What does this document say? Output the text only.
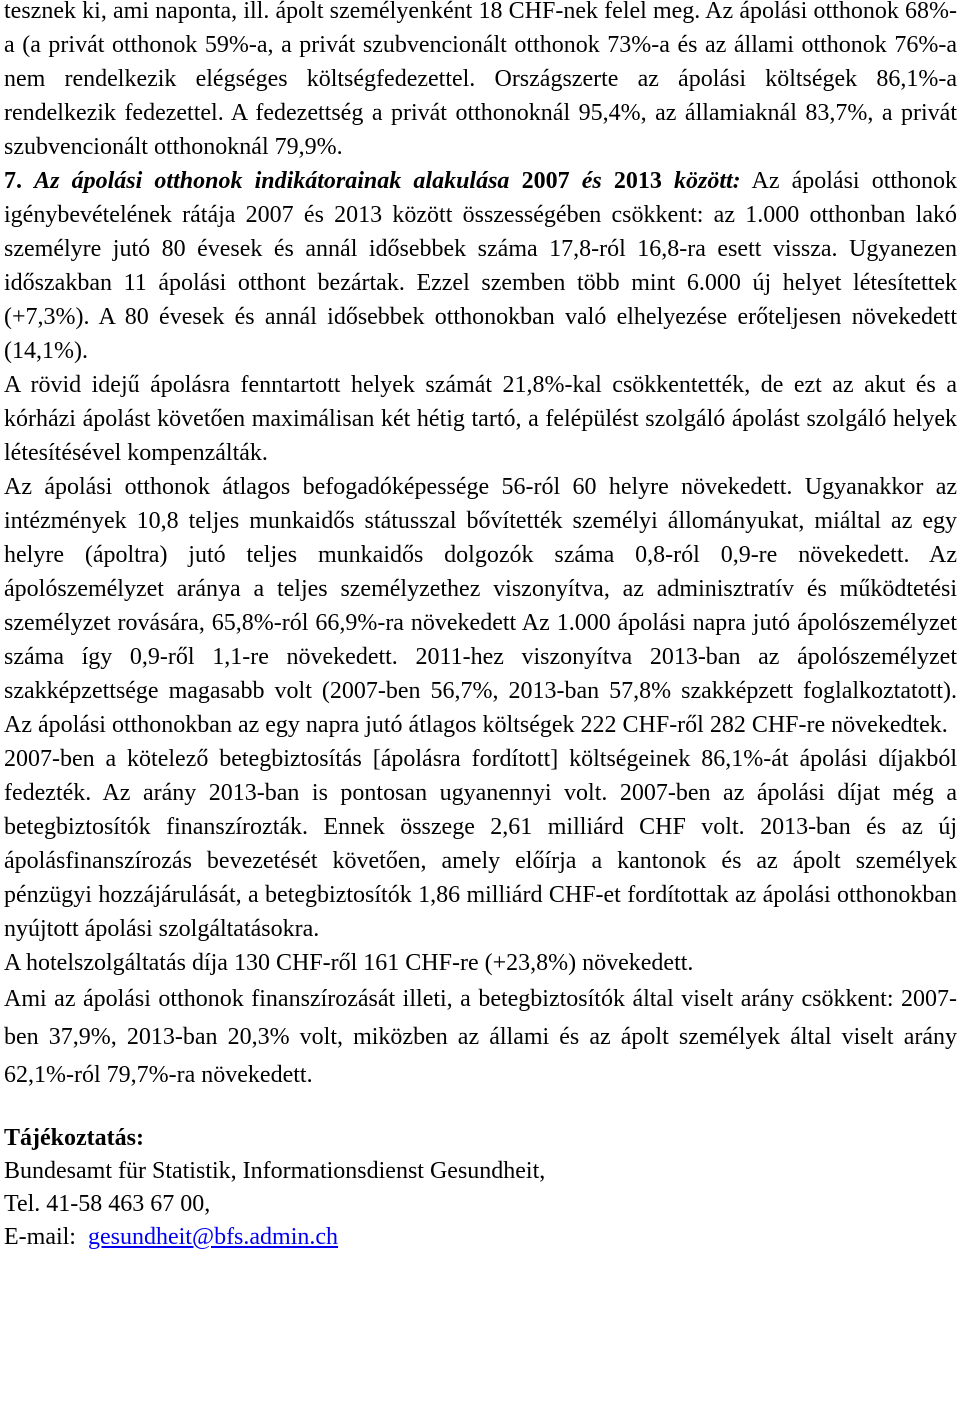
tesznek ki, ami naponta, ill. ápolt személyenként 18 CHF-nek felel meg. Az ápolási otthonok 68%-a (a privát otthonok 59%-a, a privát szubvencionált otthonok 73%-a és az állami otthonok 76%-a nem rendelkezik elégséges költségfedezettel. Országszerte az ápolási költségek 86,1%-a rendelkezik fedezettel. A fedezettség a privát otthonoknál 95,4%, az államiaknál 83,7%, a privát szubvencionált otthonoknál 79,9%.

7. Az ápolási otthonok indikátorainak alakulása 2007 és 2013 között: Az ápolási otthonok igénybevételének rátája 2007 és 2013 között összességében csökkent: az 1.000 otthonban lakó személyre jutó 80 évesek és annál idősebbek száma 17,8-ról 16,8-ra esett vissza. Ugyanezen időszakban 11 ápolási otthont bezártak. Ezzel szemben több mint 6.000 új helyet létesítettek (+7,3%). A 80 évesek és annál idősebbek otthonokban való elhelyezése erőteljesen növekedett (14,1%).

A rövid idejű ápolásra fenntartott helyek számát 21,8%-kal csökkentették, de ezt az akut és a kórházi ápolást követően maximálisan két hétig tartó, a felépülést szolgáló ápolást szolgáló helyek létesítésével kompenzálták.

Az ápolási otthonok átlagos befogadóképessége 56-ról 60 helyre növekedett. Ugyanakkor az intézmények 10,8 teljes munkaidős státusszal bővítették személyi állományukat, miáltal az egy helyre (ápoltra) jutó teljes munkaidős dolgozók száma 0,8-ról 0,9-re növekedett. Az ápolószemélyzet aránya a teljes személyzethez viszonyítva, az adminisztratív és működtetési személyzet rovására, 65,8%-ról 66,9%-ra növekedett Az 1.000 ápolási napra jutó ápolószemélyzet száma így 0,9-ről 1,1-re növekedett. 2011-hez viszonyítva 2013-ban az ápolószemélyzet szakképzettsége magasabb volt (2007-ben 56,7%, 2013-ban 57,8% szakképzett foglalkoztatott). Az ápolási otthonokban az egy napra jutó átlagos költségek 222 CHF-ről 282 CHF-re növekedtek.

2007-ben a kötelező betegbiztosítás [ápolásra fordított] költségeinek 86,1%-át ápolási díjakból fedezték. Az arány 2013-ban is pontosan ugyanennyi volt. 2007-ben az ápolási díjat még a betegbiztosítók finanszírozták. Ennek összege 2,61 milliárd CHF volt. 2013-ban és az új ápolásfinanszírozás bevezetését követően, amely előírja a kantonok és az ápolt személyek pénzügyi hozzájárulását, a betegbiztosítók 1,86 milliárd CHF-et fordítottak az ápolási otthonokban nyújtott ápolási szolgáltatásokra.

A hotelszolgáltatás díja 130 CHF-ről 161 CHF-re (+23,8%) növekedett.

Ami az ápolási otthonok finanszírozását illeti, a betegbiztosítók által viselt arány csökkent: 2007-ben 37,9%, 2013-ban 20,3% volt, miközben az állami és az ápolt személyek által viselt arány 62,1%-ról 79,7%-ra növekedett.

Tájékoztatás:

Bundesamt für Statistik, Informationsdienst Gesundheit,

Tel. 41-58 463 67 00,

E-mail: gesundheit@bfs.admin.ch
